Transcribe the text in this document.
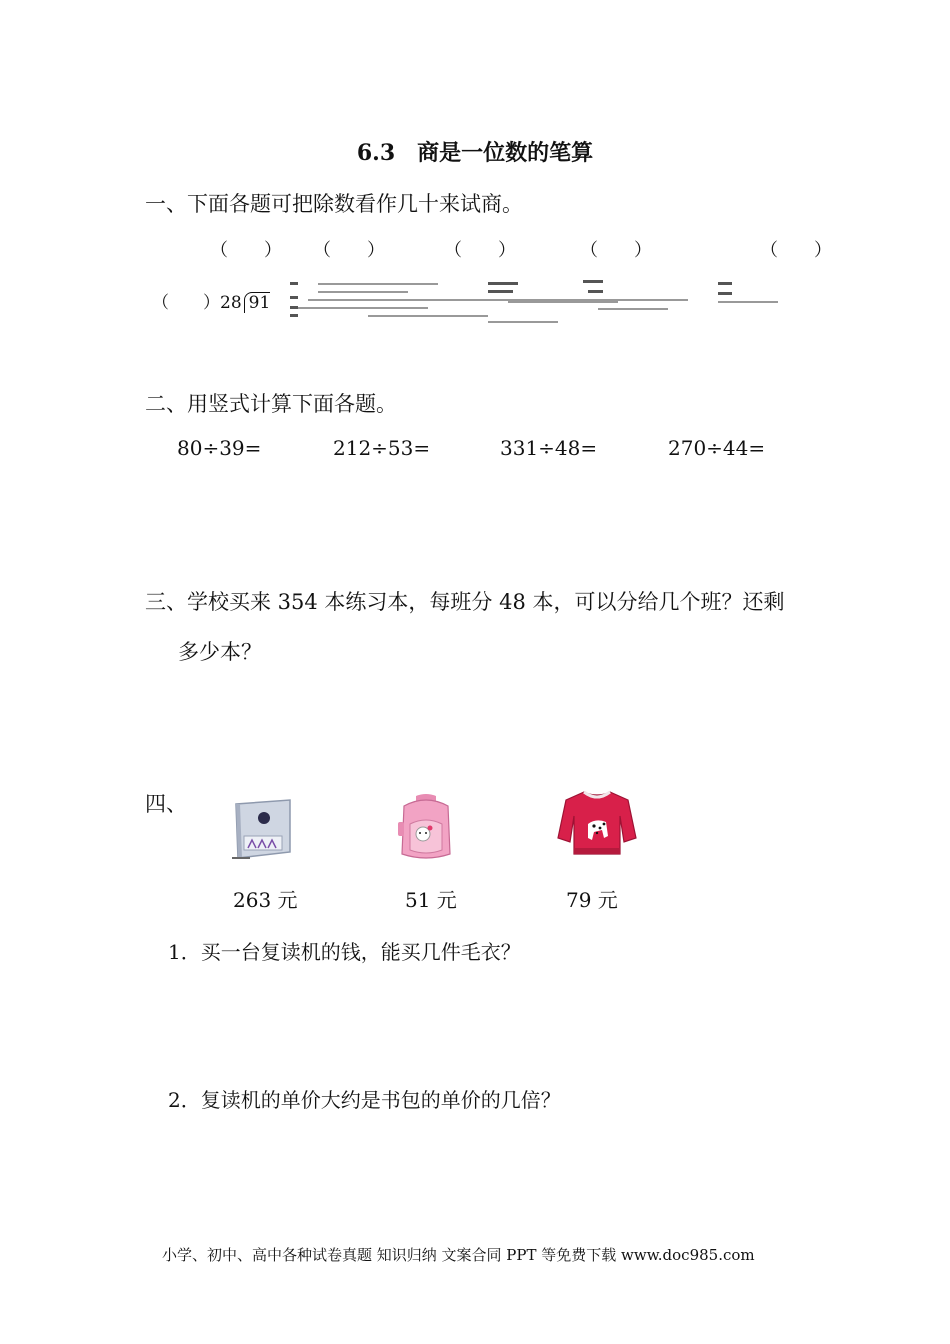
6.3　商是一位数的笔算
一、下面各题可把除数看作几十来试商。
（　　） （　　）	（　　）	（　　）	（　　）
（　　）28 91
二、用竖式计算下面各题。
80÷39=	212÷53=	331÷48=	270÷44=
三、学校买来 354 本练习本，每班分 48 本，可以分给几个班？还剩
多少本？
四、
263 元	51 元	79 元
1．买一台复读机的钱，能买几件毛衣？
2．复读机的单价大约是书包的单价的几倍？
小学、初中、高中各种试卷真题 知识归纳 文案合同 PPT 等免费下载 www.doc985.com
